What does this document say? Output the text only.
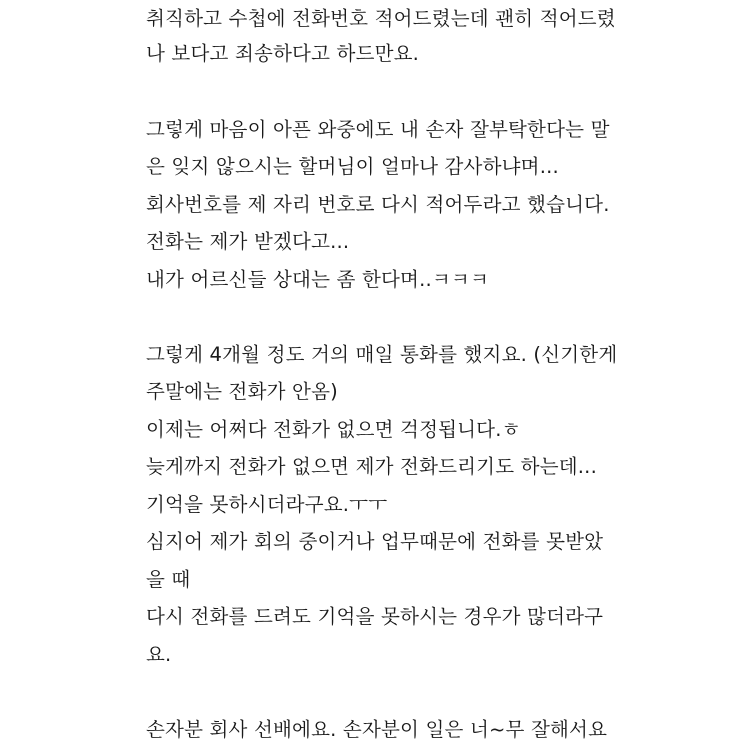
취직하고 수첩에 전화번호 적어드렸는데 괜히 적어드렸
나 보다고 죄송하다고 하드만요.
그렇게 마음이 아픈 와중에도 내 손자 잘부탁한다는 말
은 잊지 않으시는 할머님이 얼마나 감사하냐며...
회사번호를 제 자리 번호로 다시 적어두라고 했습니다.
전화는 제가 받겠다고...
내가 어르신들 상대는 좀 한다며..ㅋㅋㅋ
그렇게 4개월 정도 거의 매일 통화를 했지요. (신기한게
주말에는 전화가 안옴)
이제는 어쩌다 전화가 없으면 걱정됩니다.ㅎ
늦게까지 전화가 없으면 제가 전화드리기도 하는데...
기억을 못하시더라구요.ㅜㅜ
심지어 제가 회의 중이거나 업무때문에 전화를 못받았
을 때
다시 전화를 드려도 기억을 못하시는 경우가 많더라구
요.
손자분 회사 선배에요. 손자분이 일은 너~무 잘해서요
